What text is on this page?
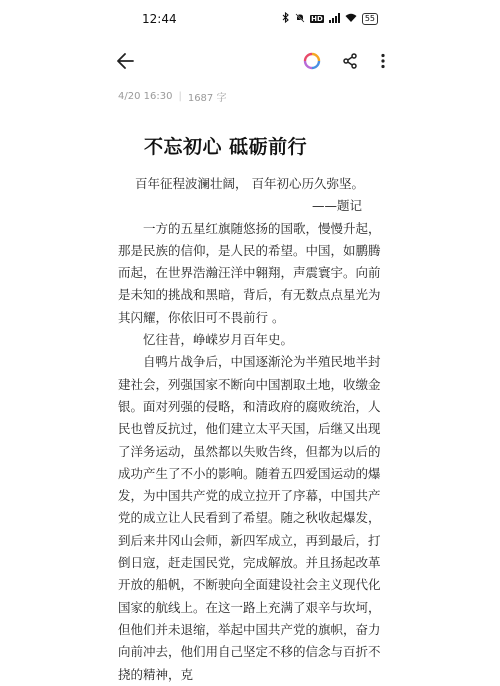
12:44	HD	55
4/20 16:30 | 1687 字
不忘初心 砥砺前行

百年征程波澜壮阔， 百年初心历久弥坚。

——题记

一方的五星红旗随悠扬的国歌，慢慢升起，那是民族的信仰，是人民的希望。中国，如鹏腾而起，在世界浩瀚汪洋中翱翔，声震寰宇。向前是未知的挑战和黑暗，背后，有无数点点星光为其闪耀，你依旧可不畏前行 。

忆往昔，峥嵘岁月百年史。

自鸭片战争后，中国逐渐沦为半殖民地半封建社会，列强国家不断向中国割取土地，收缴金银。面对列强的侵略，和清政府的腐败统治，人民也曾反抗过，他们建立太平天国，后继又出现了洋务运动，虽然都以失败告终，但都为以后的成功产生了不小的影响。随着五四爱国运动的爆发，为中国共产党的成立拉开了序幕，中国共产党的成立让人民看到了希望。随之秋收起爆发，到后来井冈山会师，新四军成立，再到最后，打倒日寇，赶走国民党，完成解放。并且扬起改革开放的船帆，不断驶向全面建设社会主义现代化国家的航线上。在这一路上充满了艰辛与坎坷，但他们并未退缩，举起中国共产党的旗帜，奋力向前冲去，他们用自己坚定不移的信念与百折不挠的精神，克
